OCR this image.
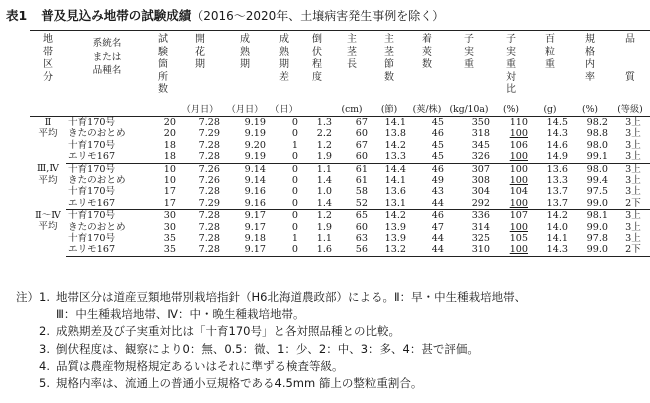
表1 普及見込み地帯の試験成績（2016～2020年、土壌病害発生事例を除く）
地
帯
区
分	系統名
または
品種名	試
験
箇
所
数	開
花
期	成
熟
期	成
熟
期
差	倒
伏
程
度	主
茎
長	主
茎
節
数	着
莢
数	子
実
重	子
実
重
対
比	百
粒
重	規
格
内
率	品

質

			（月日）	（月日）	（日）		(cm)	(節)	(莢/株)	(kg/10a)	(%)	(g)	(%)	(等級)

Ⅱ
平均	十育170号	20	7.28	9.19	0	1.3	67	14.1	45	350	110	14.5	98.2	3上
	きたのおとめ	20	7.29	9.19	0	2.2	60	13.8	46	318	100	14.3	98.8	3上
	十育170号	18	7.28	9.20	1	1.2	67	14.2	45	345	106	14.6	98.0	3上
	エリモ167	18	7.28	9.19	0	1.9	60	13.3	45	326	100	14.9	99.1	3上

Ⅲ,Ⅳ
平均	十育170号	10	7.26	9.14	0	1.1	61	14.4	46	307	100	13.6	98.0	3上
	きたのおとめ	10	7.26	9.14	0	1.4	61	14.1	49	308	100	13.3	99.4	3上
	十育170号	17	7.28	9.16	0	1.0	58	13.6	43	304	104	13.7	97.5	3上
	エリモ167	17	7.29	9.16	0	1.4	52	13.1	44	292	100	13.7	99.0	2下

Ⅱ～Ⅳ
平均	十育170号	30	7.28	9.17	0	1.2	65	14.2	46	336	107	14.2	98.1	3上
	きたのおとめ	30	7.28	9.17	0	1.9	60	13.9	47	314	100	14.0	99.0	3上
	十育170号	35	7.28	9.18	1	1.1	63	13.9	44	325	105	14.1	97.8	3上
	エリモ167	35	7.28	9.17	0	1.6	56	13.2	44	310	100	14.3	99.0	2下
注）1. 地帯区分は道産豆類地帯別栽培指針（H6北海道農政部）による。Ⅱ：早・中生種栽培地帯、
Ⅲ：中生種栽培地帯、Ⅳ：中・晩生種栽培地帯。
2. 成熟期差及び子実重対比は「十育170号」と各対照品種との比較。
3. 倒伏程度は、観察により0：無、0.5：微、1：少、2：中、3：多、4：甚で評価。
4. 品質は農産物規格規定あるいはそれに準ずる検査等級。
5. 規格内率は、流通上の普通小豆規格である4.5mm 篩上の整粒重割合。
